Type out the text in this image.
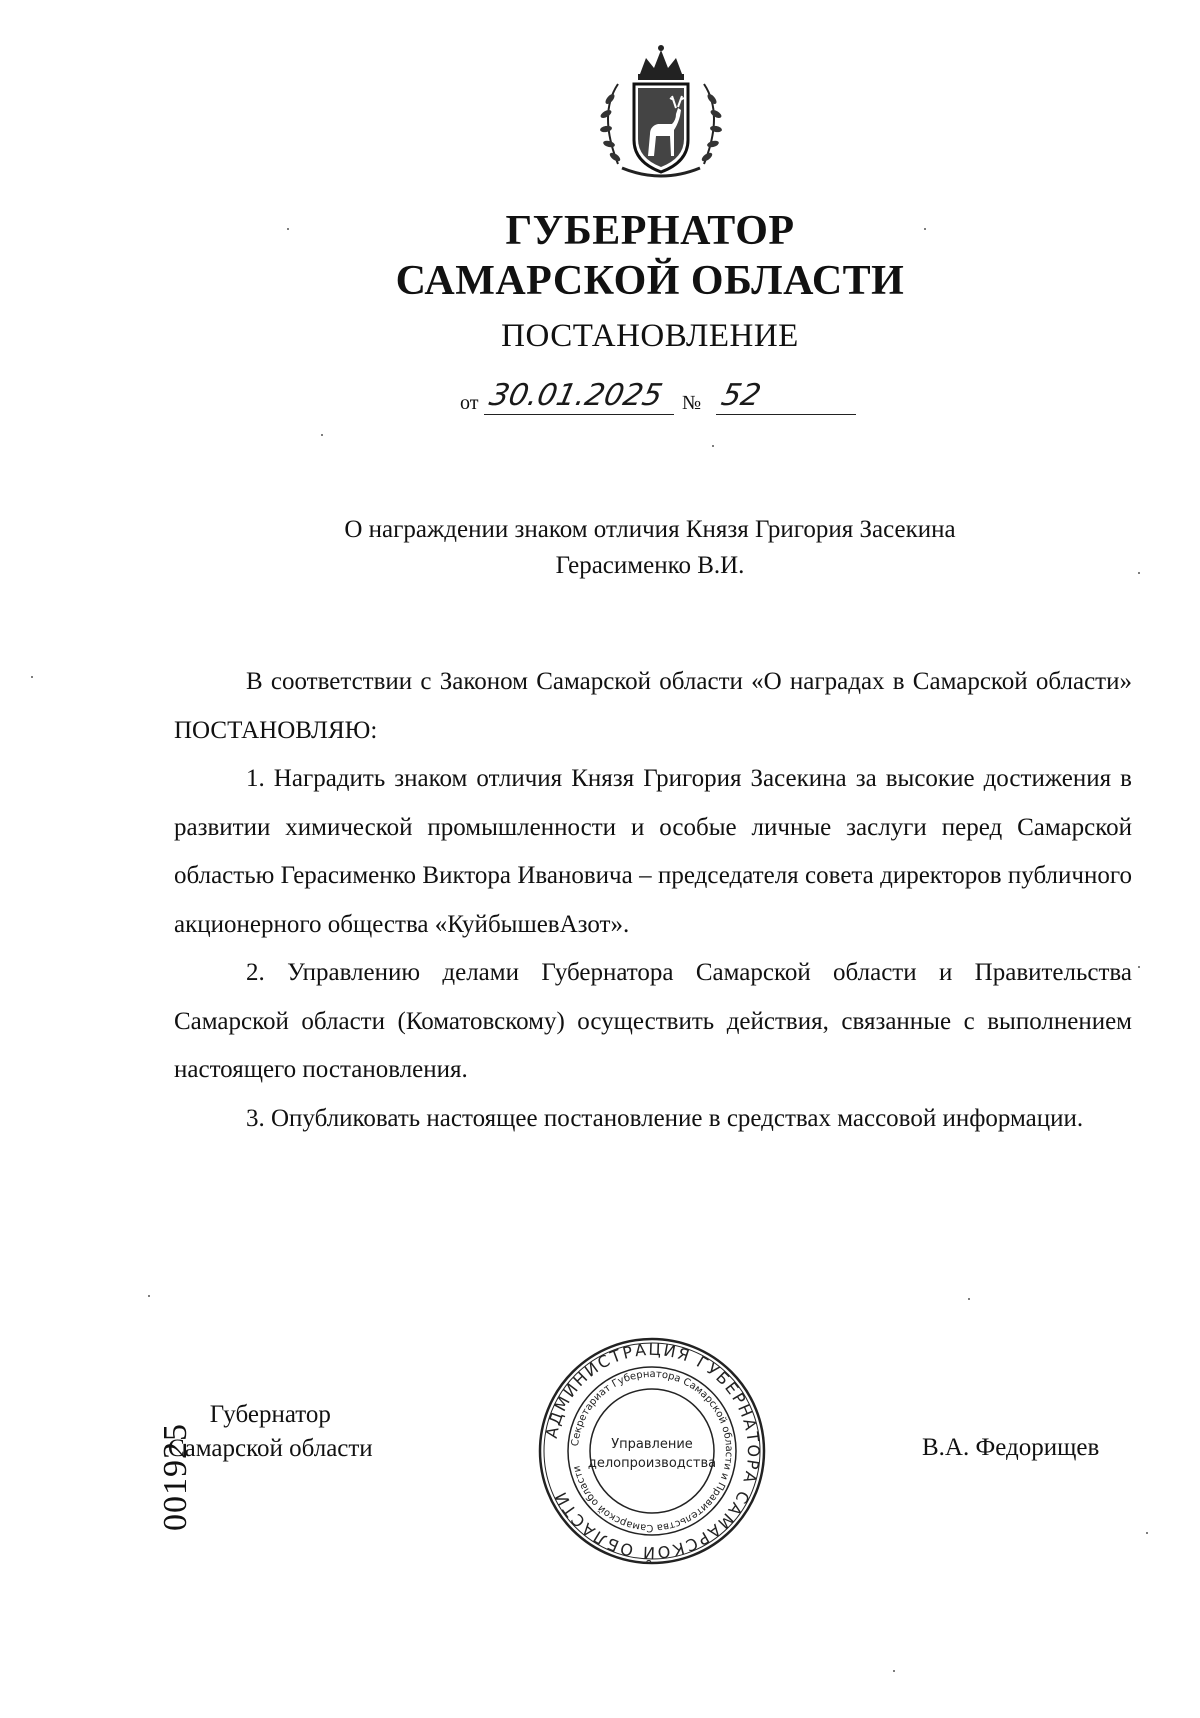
ГУБЕРНАТОР
САМАРСКОЙ ОБЛАСТИ
ПОСТАНОВЛЕНИЕ
от 30.01.2025 № 52
О награждении знаком отличия Князя Григория Засекина
Герасименко В.И.

В соответствии с Законом Самарской области «О наградах в Самарской области» ПОСТАНОВЛЯЮ:

1. Наградить знаком отличия Князя Григория Засекина за высокие достижения в развитии химической промышленности и особые личные заслуги перед Самарской областью Герасименко Виктора Ивановича – председателя совета директоров публичного акционерного общества «КуйбышевАзот».

2. Управлению делами Губернатора Самарской области и Правительства Самарской области (Коматовскому) осуществить действия, связанные с выполнением настоящего постановления.

3. Опубликовать настоящее постановление в средствах массовой информации.

Губернатор
Самарской области	В.А. Федорищев
АДМИНИСТРАЦИЯ ГУБЕРНАТОРА САМАРСКОЙ ОБЛАСТИ
Секретариат Губернатора Самарской области и Правительства Самарской области
Управление
делопроизводства
001925
